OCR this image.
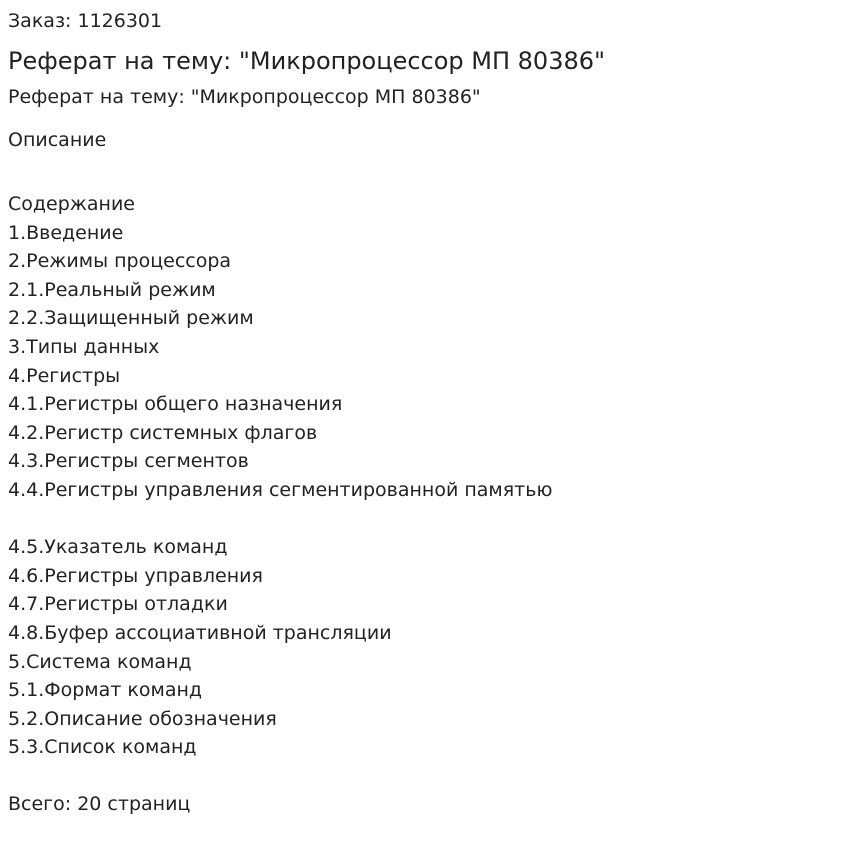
Заказ: 1126301
Реферат на тему: "Микропроцессор МП 80386"
Реферат на тему: "Микропроцессор МП 80386"
Описание
Содержание
1.Введение
2.Режимы процессора
2.1.Реальный режим
2.2.Защищенный режим
3.Типы данных
4.Регистры
4.1.Регистры общего назначения
4.2.Регистр системных флагов
4.3.Регистры сегментов
4.4.Регистры управления сегментированной памятью
4.5.Указатель команд
4.6.Регистры управления
4.7.Регистры отладки
4.8.Буфер ассоциативной трансляции
5.Система команд
5.1.Формат команд
5.2.Описание обозначения
5.3.Список команд
Всего: 20 страниц
